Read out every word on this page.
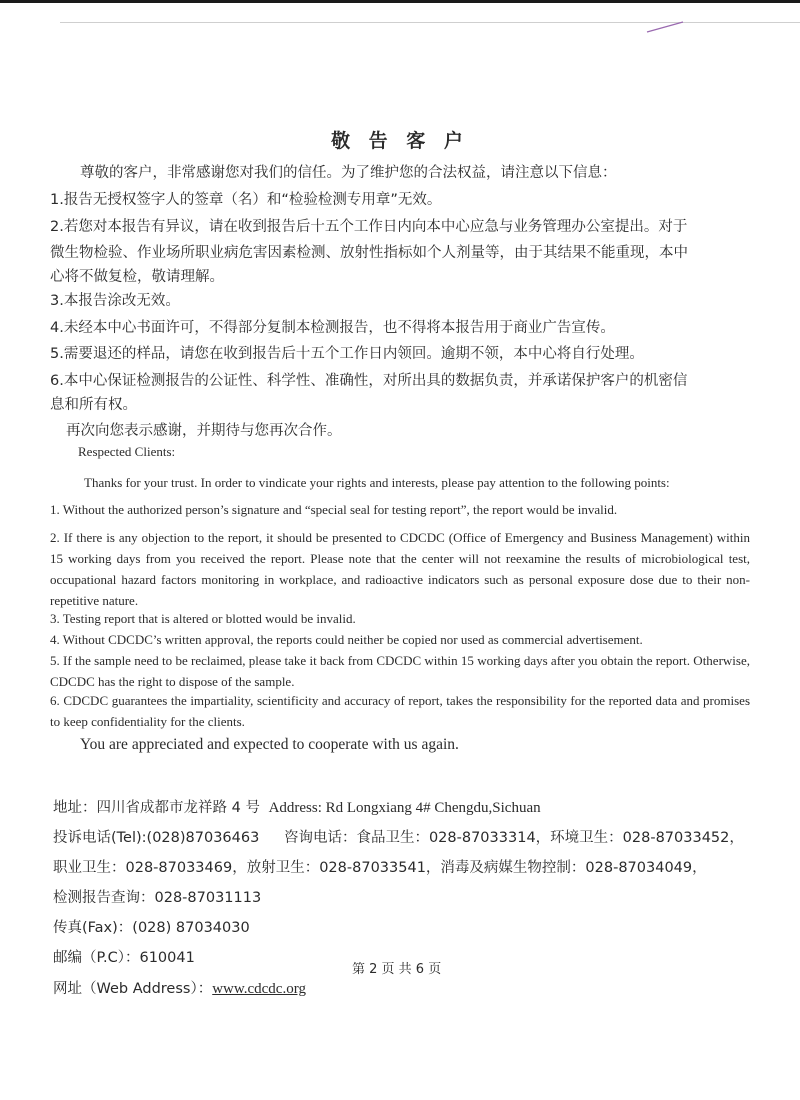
敬 告 客 户
尊敬的客户，非常感谢您对我们的信任。为了维护您的合法权益，请注意以下信息：
1.报告无授权签字人的签章（名）和“检验检测专用章”无效。
2.若您对本报告有异议，请在收到报告后十五个工作日内向本中心应急与业务管理办公室提出。对于
微生物检验、作业场所职业病危害因素检测、放射性指标如个人剂量等，由于其结果不能重现，本中
心将不做复检，敬请理解。
3.本报告涂改无效。
4.未经本中心书面许可，不得部分复制本检测报告，也不得将本报告用于商业广告宣传。
5.需要退还的样品，请您在收到报告后十五个工作日内领回。逾期不领，本中心将自行处理。
6.本中心保证检测报告的公证性、科学性、准确性，对所出具的数据负责，并承诺保护客户的机密信
息和所有权。
再次向您表示感谢，并期待与您再次合作。
Respected Clients:
Thanks for your trust. In order to vindicate your rights and interests, please pay attention to the following points:
1. Without the authorized person’s signature and “special seal for testing report”, the report would be invalid.
2. If there is any objection to the report, it should be presented to CDCDC (Office of Emergency and Business Management) within 15 working days from you received the report. Please note that the center will not reexamine the results of microbiological test, occupational hazard factors monitoring in workplace, and radioactive indicators such as personal exposure dose due to their non-repetitive nature.
3. Testing report that is altered or blotted would be invalid.
4. Without CDCDC’s written approval, the reports could neither be copied nor used as commercial advertisement.
5. If the sample need to be reclaimed, please take it back from CDCDC within 15 working days after you obtain the report. Otherwise, CDCDC has the right to dispose of the sample.
6. CDCDC guarantees the impartiality, scientificity and accuracy of report, takes the responsibility for the reported data and promises to keep confidentiality for the clients.
You are appreciated and expected to cooperate with us again.
地址：四川省成都市龙祥路 4 号 Address: Rd Longxiang 4# Chengdu,Sichuan
投诉电话(Tel):(028)87036463 咨询电话：食品卫生：028-87033314，环境卫生：028-87033452，
职业卫生：028-87033469，放射卫生：028-87033541，消毒及病媒生物控制：028-87034049，
检测报告查询：028-87031113
传真(Fax)：(028) 87034030
邮编（P.C）：610041
网址（Web Address）：www.cdcdc.org
第 2 页 共 6 页
